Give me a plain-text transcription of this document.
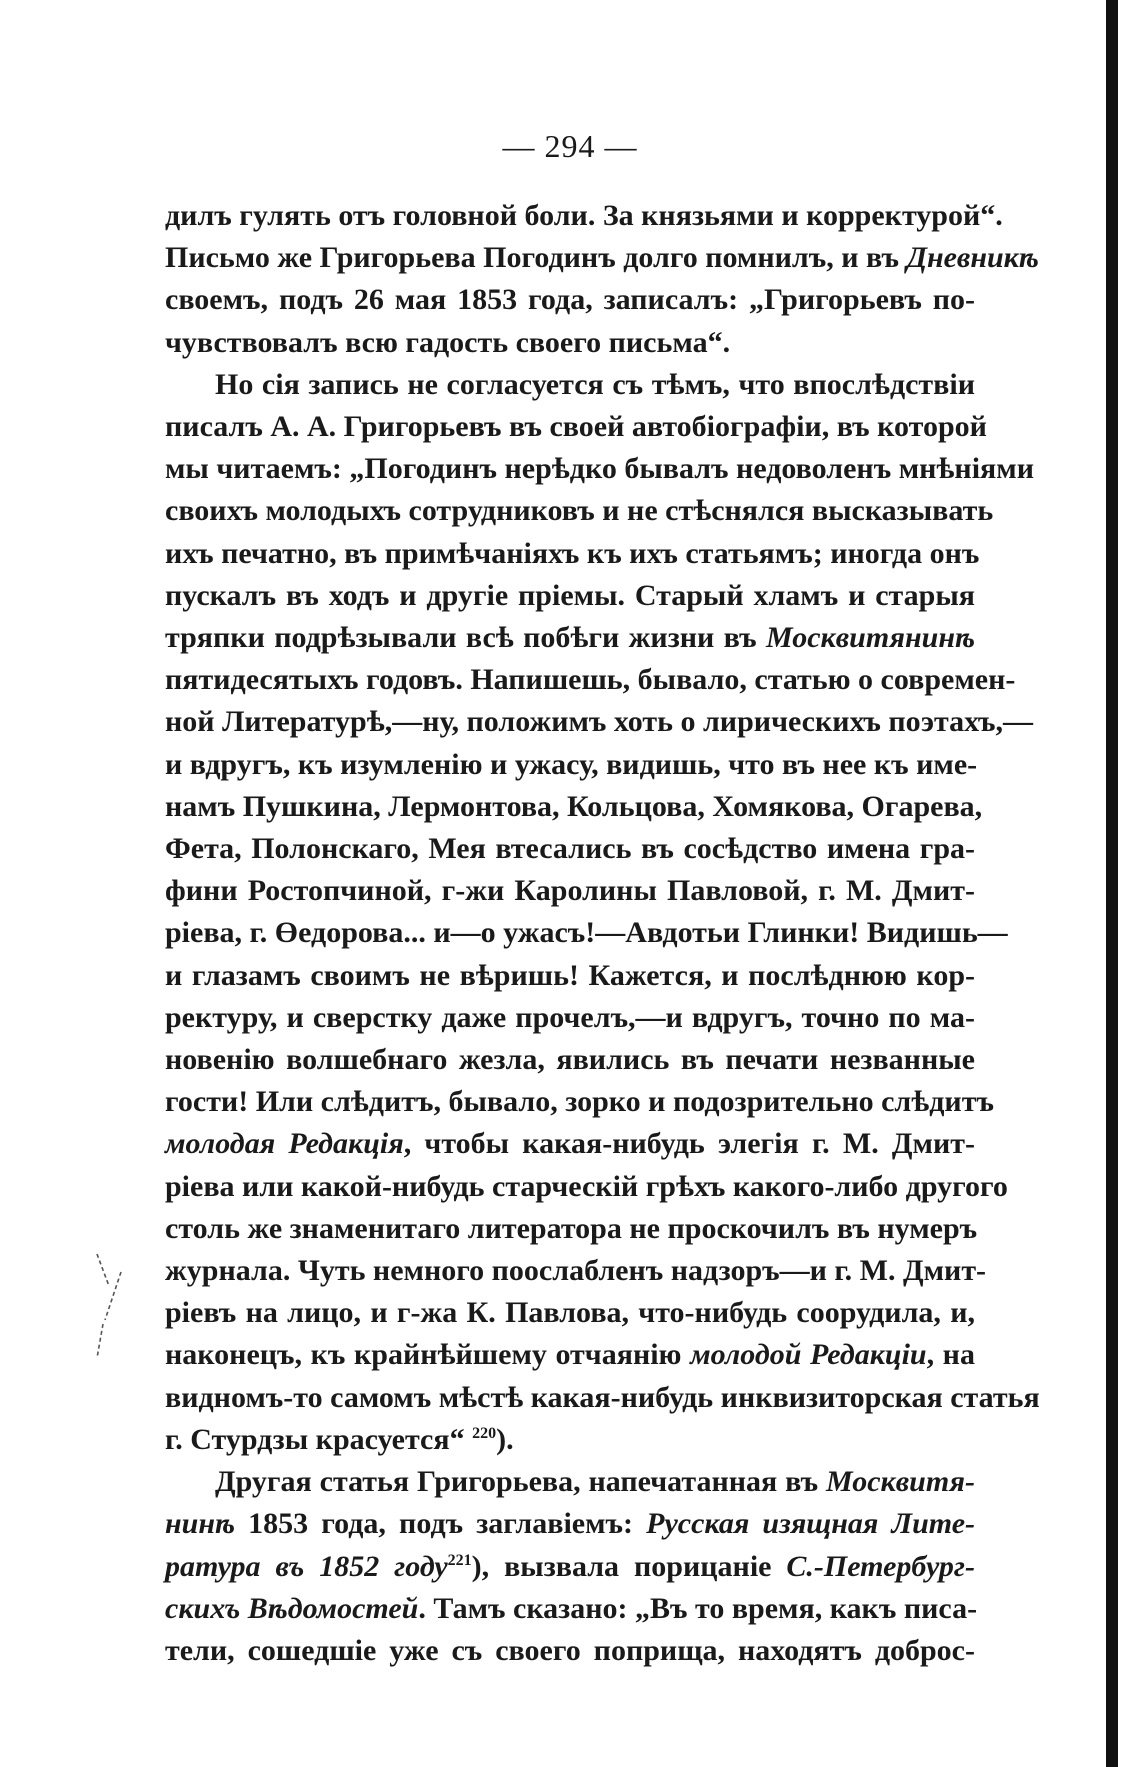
— 294 —
дилъ гулять отъ головной боли. За князьями и корректурой“.
Письмо же Григорьева Погодинъ долго помнилъ, и въ Дневникѣ
своемъ, подъ 26 мая 1853 года, записалъ: „Григорьевъ по-
чувствовалъ всю гадость своего письма“.
Но сія запись не согласуется съ тѣмъ, что впослѣдствіи
писалъ А. А. Григорьевъ въ своей автобіографіи, въ которой
мы читаемъ: „Погодинъ нерѣдко бывалъ недоволенъ мнѣніями
своихъ молодыхъ сотрудниковъ и не стѣснялся высказывать
ихъ печатно, въ примѣчаніяхъ къ ихъ статьямъ; иногда онъ
пускалъ въ ходъ и другіе пріемы. Старый хламъ и старыя
тряпки подрѣзывали всѣ побѣги жизни въ Москвитянинѣ
пятидесятыхъ годовъ. Напишешь, бывало, статью о современ-
ной Литературѣ,—ну, положимъ хоть о лирическихъ поэтахъ,—
и вдругъ, къ изумленію и ужасу, видишь, что въ нее къ име-
намъ Пушкина, Лермонтова, Кольцова, Хомякова, Огарева,
Фета, Полонскаго, Мея втесались въ сосѣдство имена гра-
фини Ростопчиной, г-жи Каролины Павловой, г. М. Дмит-
ріева, г. Өедорова... и—о ужасъ!—Авдотьи Глинки! Видишь—
и глазамъ своимъ не вѣришь! Кажется, и послѣднюю кор-
ректуру, и сверстку даже прочелъ,—и вдругъ, точно по ма-
новенію волшебнаго жезла, явились въ печати незванные
гости! Или слѣдитъ, бывало, зорко и подозрительно слѣдитъ
молодая Редакція, чтобы какая-нибудь элегія г. М. Дмит-
ріева или какой-нибудь старческій грѣхъ какого-либо другого
столь же знаменитаго литератора не проскочилъ въ нумеръ
журнала. Чуть немного поослабленъ надзоръ—и г. М. Дмит-
ріевъ на лицо, и г-жа К. Павлова, что-нибудь соорудила, и,
наконецъ, къ крайнѣйшему отчаянію молодой Редакціи, на
видномъ-то самомъ мѣстѣ какая-нибудь инквизиторская статья
г. Стурдзы красуется“ $^{220}$).
Другая статья Григорьева, напечатанная въ Москвитя-
нинѣ 1853 года, подъ заглавіемъ: Русская изящная Лите-
ратура въ 1852 году$^{221}$), вызвала порицаніе С.-Петербург-
скихъ Вѣдомостей. Тамъ сказано: „Въ то время, какъ писа-
тели, сошедшіе уже съ своего поприща, находятъ доброс-
